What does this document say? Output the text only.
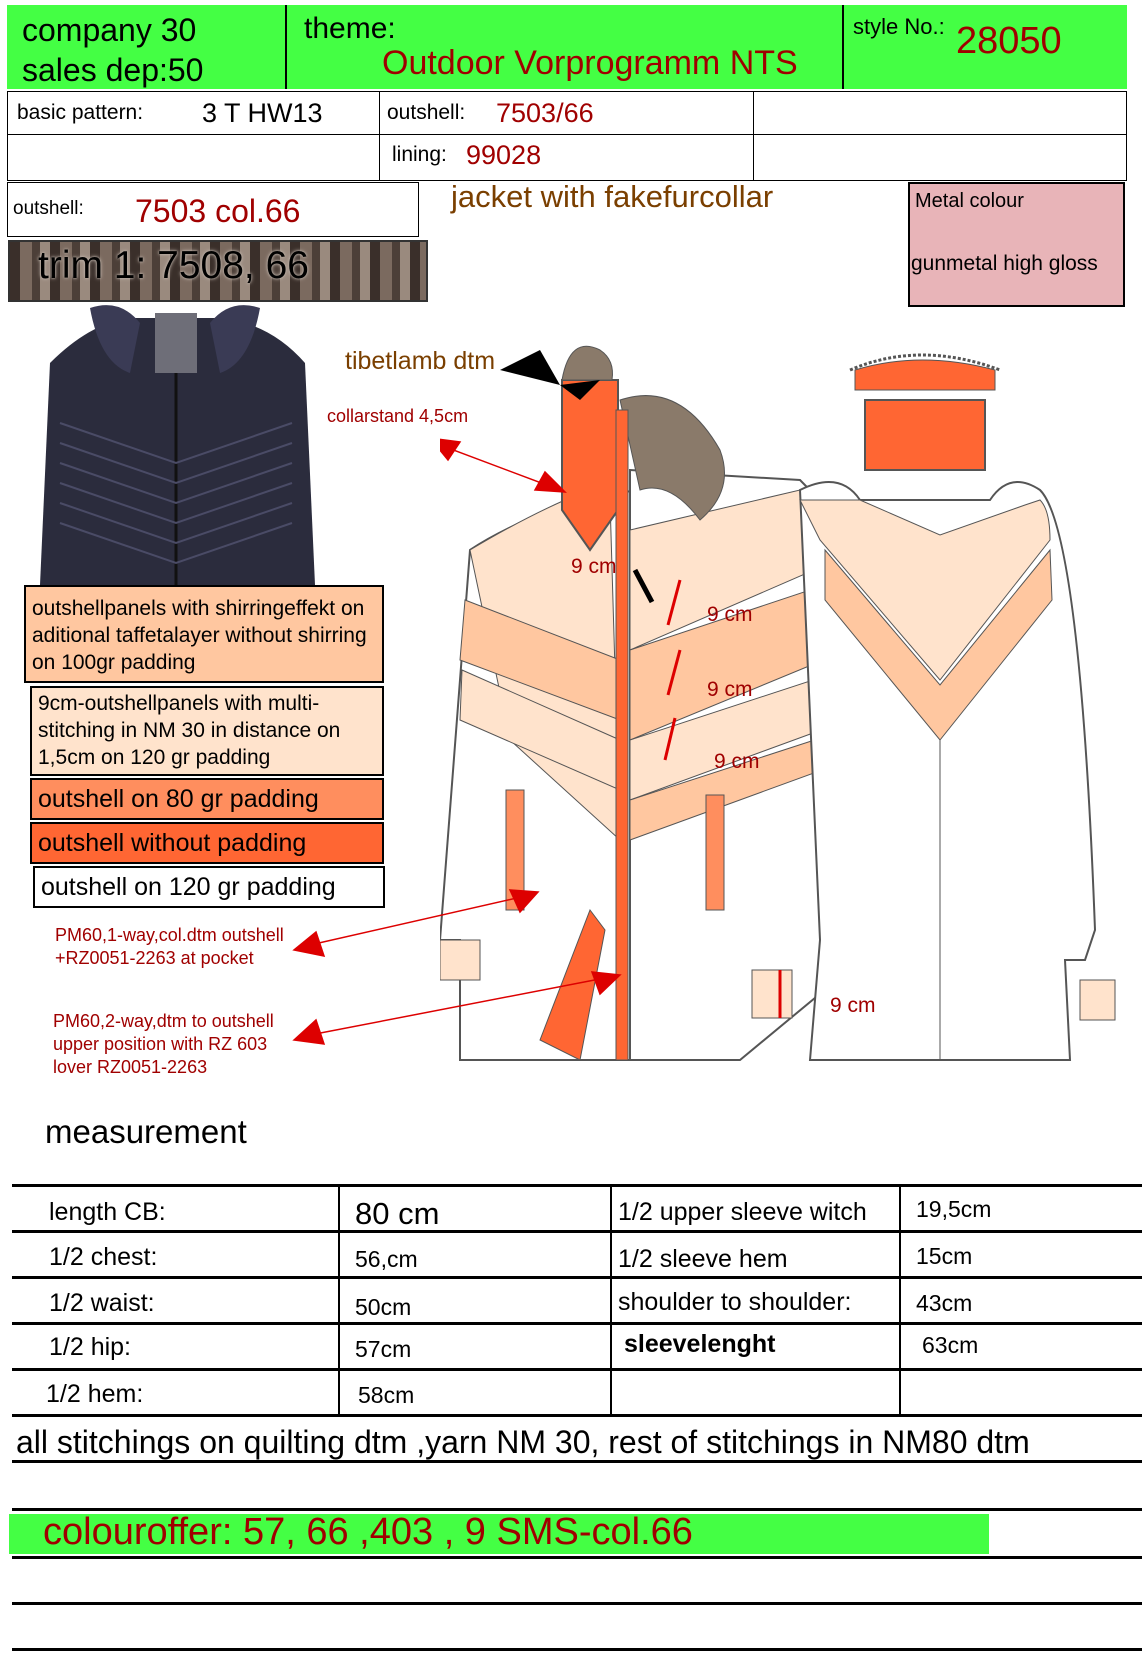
company 30
sales dep:50
theme:
Outdoor Vorprogramm NTS
style No.: 28050
basic pattern: 3 T HW13	outshell: 7503/66
lining: 99028
outshell: 7503 col.66
trim 1: 7508, 66
jacket with fakefurcollar	Metal colour
gunmetal high gloss
outshellpanels with shirringeffekt on aditional taffetalayer without shirring on 100gr padding
9cm-outshellpanels with multi-stitching in NM 30 in distance on 1,5cm on 120 gr padding
outshell on 80 gr padding
outshell without padding
outshell on 120 gr padding
tibetlamb dtm
collarstand 4,5cm
9 cm
9 cm
9 cm
9 cm
9 cm
PM60,1-way,col.dtm outshell
+RZ0051-2263 at pocket
PM60,2-way,dtm to outshell
upper position with RZ 603
lover RZ0051-2263
measurement
length CB:	80 cm	1/2 upper sleeve witch 19,5cm
1/2 chest:	56,cm	1/2 sleeve hem	15cm
1/2 waist:	50cm	shoulder to shoulder:	43cm
1/2 hip:	57cm	sleevelenght	63cm
1/2 hem:	58cm
all stitchings on quilting dtm ,yarn NM 30, rest of stitchings in NM80 dtm
colouroffer: 57, 66 ,403 , 9 SMS-col.66
